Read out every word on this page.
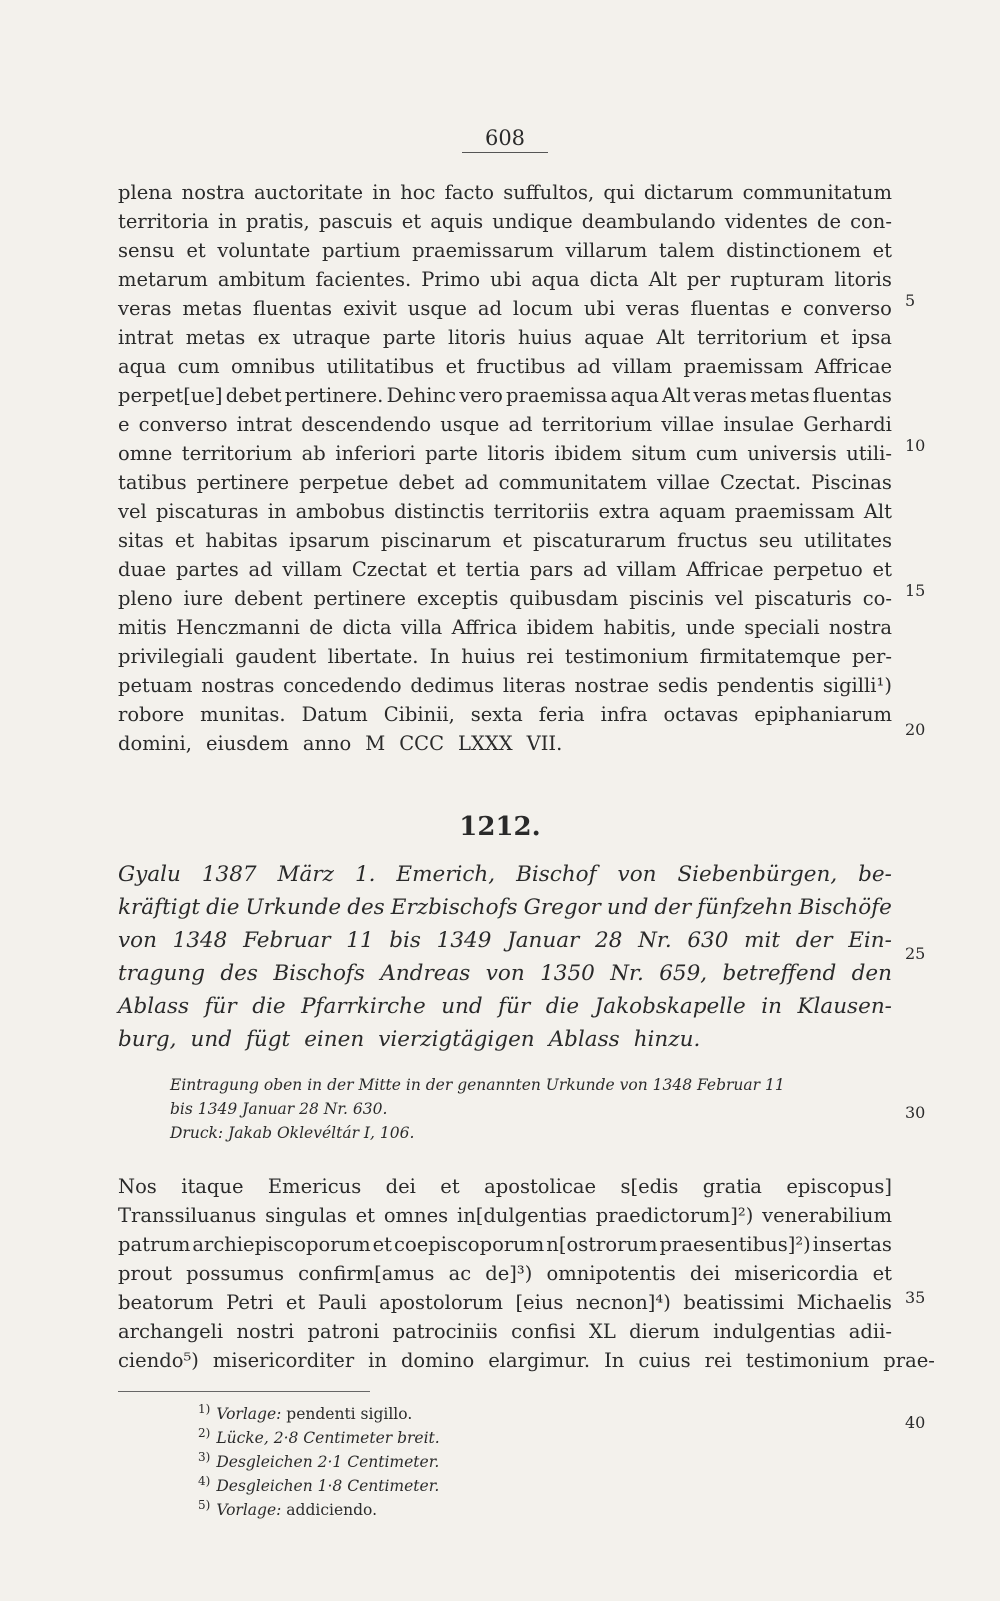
608
plena nostra auctoritate in hoc facto suffultos, qui dictarum communitatum
territoria in pratis, pascuis et aquis undique deambulando videntes de con-
sensu et voluntate partium praemissarum villarum talem distinctionem et
metarum ambitum facientes. Primo ubi aqua dicta Alt per rupturam litoris
veras metas fluentas exivit usque ad locum ubi veras fluentas e converso
intrat metas ex utraque parte litoris huius aquae Alt territorium et ipsa
aqua cum omnibus utilitatibus et fructibus ad villam praemissam Affricae
perpet[ue] debet pertinere. Dehinc vero praemissa aqua Alt veras metas fluentas
e converso intrat descendendo usque ad territorium villae insulae Gerhardi
omne territorium ab inferiori parte litoris ibidem situm cum universis utili-
tatibus pertinere perpetue debet ad communitatem villae Czectat. Piscinas
vel piscaturas in ambobus distinctis territoriis extra aquam praemissam Alt
sitas et habitas ipsarum piscinarum et piscaturarum fructus seu utilitates
duae partes ad villam Czectat et tertia pars ad villam Affricae perpetuo et
pleno iure debent pertinere exceptis quibusdam piscinis vel piscaturis co-
mitis Henczmanni de dicta villa Affrica ibidem habitis, unde speciali nostra
privilegiali gaudent libertate. In huius rei testimonium firmitatemque per-
petuam nostras concedendo dedimus literas nostrae sedis pendentis sigilli¹)
robore munitas. Datum Cibinii, sexta feria infra octavas epiphaniarum
domini, eiusdem anno M CCC LXXX VII.
1212.
Gyalu 1387 März 1. Emerich, Bischof von Siebenbürgen, be-
kräftigt die Urkunde des Erzbischofs Gregor und der fünfzehn Bischöfe
von 1348 Februar 11 bis 1349 Januar 28 Nr. 630 mit der Ein-
tragung des Bischofs Andreas von 1350 Nr. 659, betreffend den
Ablass für die Pfarrkirche und für die Jakobskapelle in Klausen-
burg, und fügt einen vierzigtägigen Ablass hinzu.
Eintragung oben in der Mitte in der genannten Urkunde von 1348 Februar 11
bis 1349 Januar 28 Nr. 630.
Druck: Jakab Oklevéltár I, 106.
Nos itaque Emericus dei et apostolicae s[edis gratia episcopus]
Transsiluanus singulas et omnes in[dulgentias praedictorum]²) venerabilium
patrum archiepiscoporum et coepiscoporum n[ostrorum praesentibus]²) insertas
prout possumus confirm[amus ac de]³) omnipotentis dei misericordia et
beatorum Petri et Pauli apostolorum [eius necnon]⁴) beatissimi Michaelis
archangeli nostri patroni patrociniis confisi XL dierum indulgentias adii-
ciendo⁵) misericorditer in domino elargimur. In cuius rei testimonium prae-
$^{1)}$ Vorlage: pendenti sigillo.
$^{2)}$ Lücke, 2·8 Centimeter breit.
$^{3)}$ Desgleichen 2·1 Centimeter.
$^{4)}$ Desgleichen 1·8 Centimeter.
$^{5)}$ Vorlage: addiciendo.
5
10
15
20
25
30
35
40
